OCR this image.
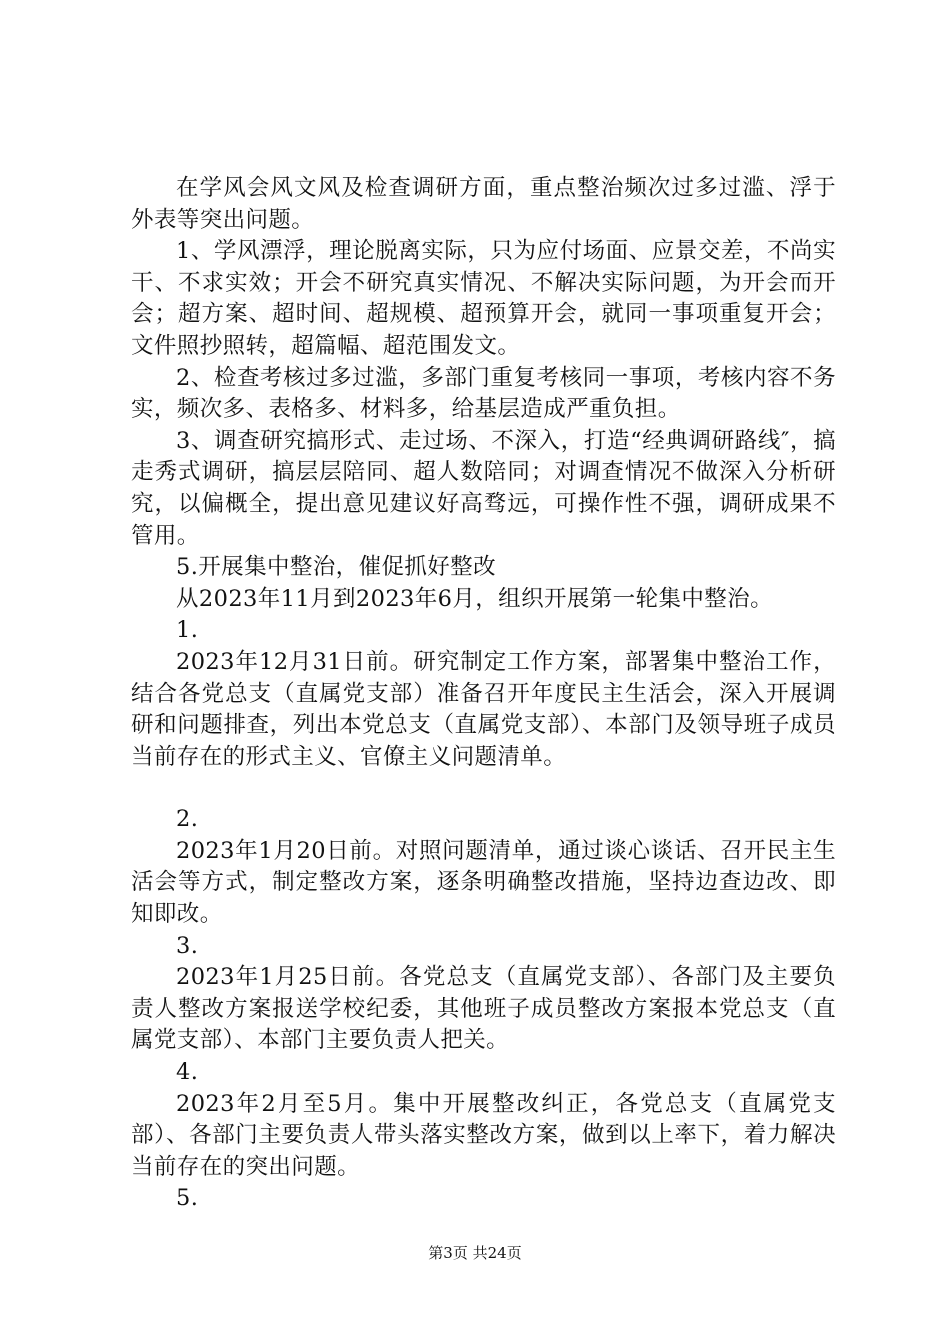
在学风会风文风及检查调研方面，重点整治频次过多过滥、浮于外表等突出问题。

1、学风漂浮，理论脱离实际，只为应付场面、应景交差，不尚实干、不求实效；开会不研究真实情况、不解决实际问题，为开会而开会；超方案、超时间、超规模、超预算开会，就同一事项重复开会；文件照抄照转，超篇幅、超范围发文。

2、检查考核过多过滥，多部门重复考核同一事项，考核内容不务实，频次多、表格多、材料多，给基层造成严重负担。

3、调查研究搞形式、走过场、不深入，打造“经典调研路线″，搞走秀式调研，搞层层陪同、超人数陪同；对调查情况不做深入分析研究，以偏概全，提出意见建议好高骛远，可操作性不强，调研成果不管用。

5.开展集中整治，催促抓好整改

从2023年11月到2023年6月，组织开展第一轮集中整治。

1.

2023年12月31日前。研究制定工作方案，部署集中整治工作，结合各党总支（直属党支部）准备召开年度民主生活会，深入开展调研和问题排查，列出本党总支（直属党支部）、本部门及领导班子成员当前存在的形式主义、官僚主义问题清单。

2.

2023年1月20日前。对照问题清单，通过谈心谈话、召开民主生活会等方式，制定整改方案，逐条明确整改措施，坚持边查边改、即知即改。

3.

2023年1月25日前。各党总支（直属党支部）、各部门及主要负责人整改方案报送学校纪委，其他班子成员整改方案报本党总支（直属党支部）、本部门主要负责人把关。

4.

2023年2月至5月。集中开展整改纠正，各党总支（直属党支部）、各部门主要负责人带头落实整改方案，做到以上率下，着力解决当前存在的突出问题。

5.

第3页 共24页
